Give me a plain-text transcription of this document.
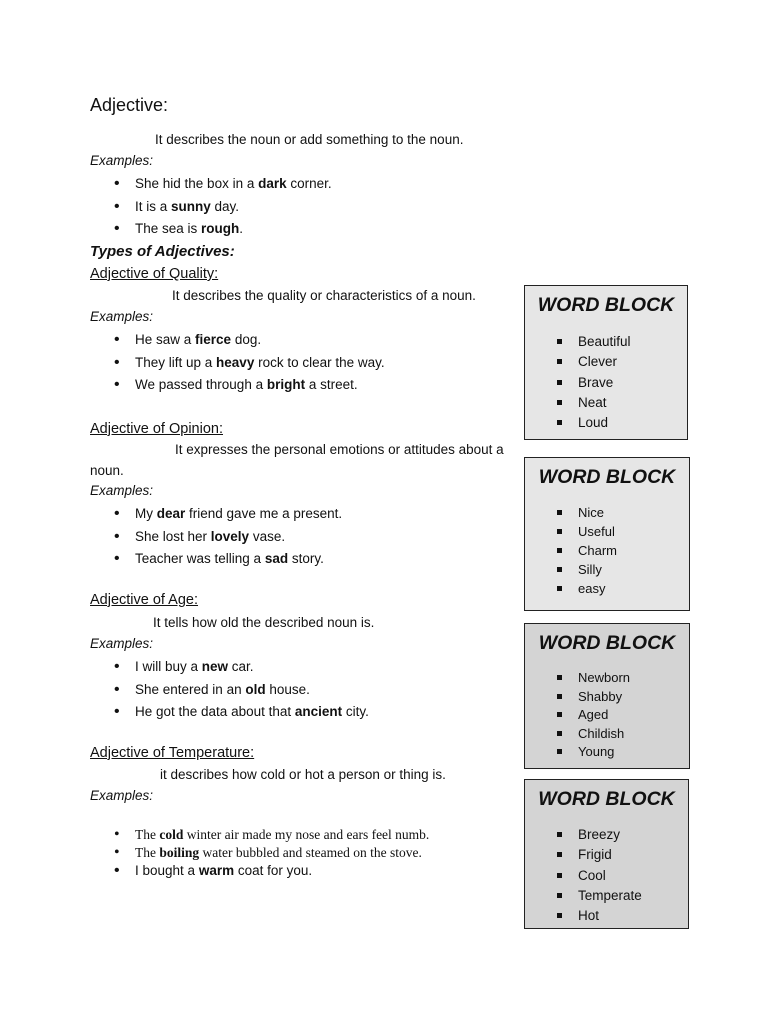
Adjective:
It describes the noun or add something to the noun.
Examples:
• She hid the box in a dark corner.
• It is a sunny day.
• The sea is rough.
Types of Adjectives:
Adjective of Quality:
It describes the quality or characteristics of a noun.
Examples:
• He saw a fierce dog.
• They lift up a heavy rock to clear the way.
• We passed through a bright a street.
Adjective of Opinion:
It expresses the personal emotions or attitudes about a
noun.
Examples:
• My dear friend gave me a present.
• She lost her lovely vase.
• Teacher was telling a sad story.
Adjective of Age:
It tells how old the described noun is.
Examples:
• I will buy a new car.
• She entered in an old house.
• He got the data about that ancient city.
Adjective of Temperature:
it describes how cold or hot a person or thing is.
Examples:
• The cold winter air made my nose and ears feel numb.
• The boiling water bubbled and steamed on the stove.
• I bought a warm coat for you.
WORD BLOCK
Beautiful
Clever
Brave
Neat
Loud
WORD BLOCK
Nice
Useful
Charm
Silly
easy
WORD BLOCK
Newborn
Shabby
Aged
Childish
Young
WORD BLOCK
Breezy
Frigid
Cool
Temperate
Hot
